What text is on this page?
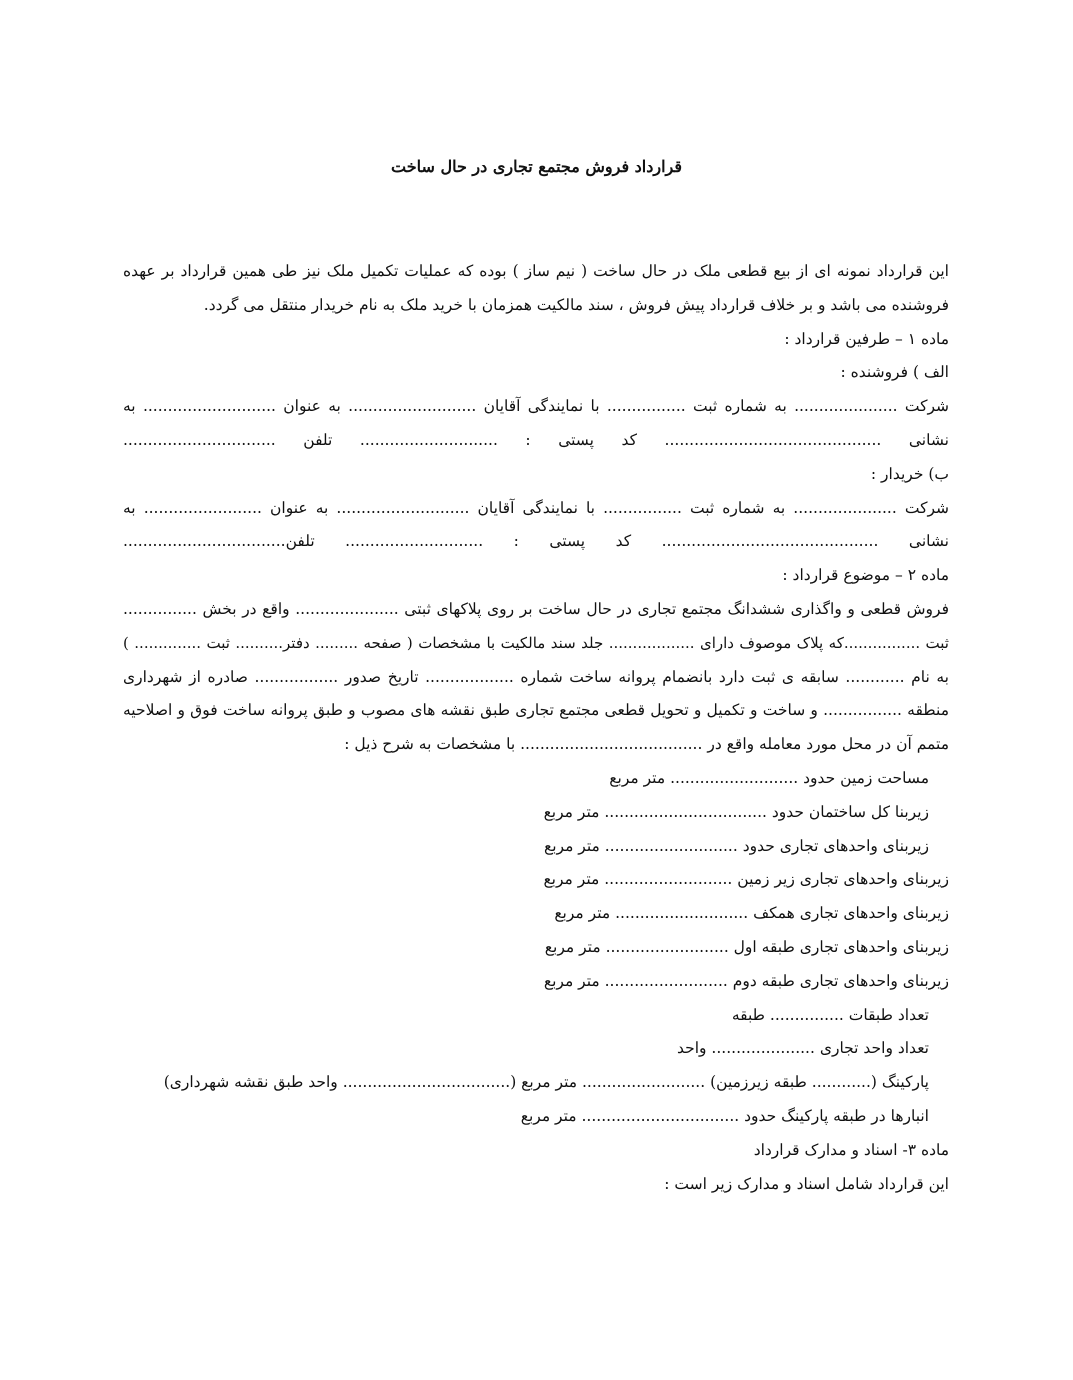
قرارداد فروش مجتمع تجاری در حال ساخت
این قرارداد نمونه ای از بیع قطعی ملک در حال ساخت ( نیم ساز ) بوده که عملیات تکمیل ملک نیز طی همین قرارداد بر عهده
فروشنده می باشد و بر خلاف قرارداد پیش فروش ، سند مالکیت همزمان با خرید ملک به نام خریدار منتقل می گردد.
ماده ۱ – طرفین قرارداد :
الف ) فروشنده :
شرکت ..................... به شماره ثبت ................ با نمایندگی آقایان .......................... به عنوان ........................... به
نشانی ............................................ کد پستی : ............................ تلفن ...............................
ب) خریدار :
شرکت ..................... به شماره ثبت ................ با نمایندگی آقایان ........................... به عنوان ........................ به
نشانی ............................................ کد پستی : ............................ تلفن.................................
ماده ۲ – موضوع قرارداد :
فروش قطعی و واگذاری ششدانگ مجتمع تجاری در حال ساخت بر روی پلاکهای ثبتی ..................... واقع در بخش ...............
ثبت ................که پلاک موصوف دارای .................. جلد سند مالکیت با مشخصات ( صفحه ......... دفتر.......... ثبت .............. )
به نام ............ سابقه ی ثبت دارد بانضمام پروانه ساخت شماره .................. تاریخ صدور ................. صادره از شهرداری
منطقه ................ و ساخت و تکمیل و تحویل قطعی مجتمع تجاری طبق نقشه های مصوب و طبق پروانه ساخت فوق و اصلاحیه
متمم آن در محل مورد معامله واقع در ..................................... با مشخصات به شرح ذیل :
مساحت زمین حدود .......................... متر مربع
زیربنا کل ساختمان حدود ................................. متر مربع
زیربنای واحدهای تجاری حدود ........................... متر مربع
زیربنای واحدهای تجاری زیر زمین .......................... متر مربع
زیربنای واحدهای تجاری همکف ........................... متر مربع
زیربنای واحدهای تجاری طبقه اول ......................... متر مربع
زیربنای واحدهای تجاری طبقه دوم ......................... متر مربع
تعداد طبقات ............... طبقه
تعداد واحد تجاری ..................... واحد
پارکینگ (............ طبقه زیرزمین) ......................... متر مربع (.................................. واحد طبق نقشه شهرداری)
انبارها در طبقه پارکینگ حدود ................................ متر مربع
ماده ۳- اسناد و مدارک قرارداد
این قرارداد شامل اسناد و مدارک زیر است :
